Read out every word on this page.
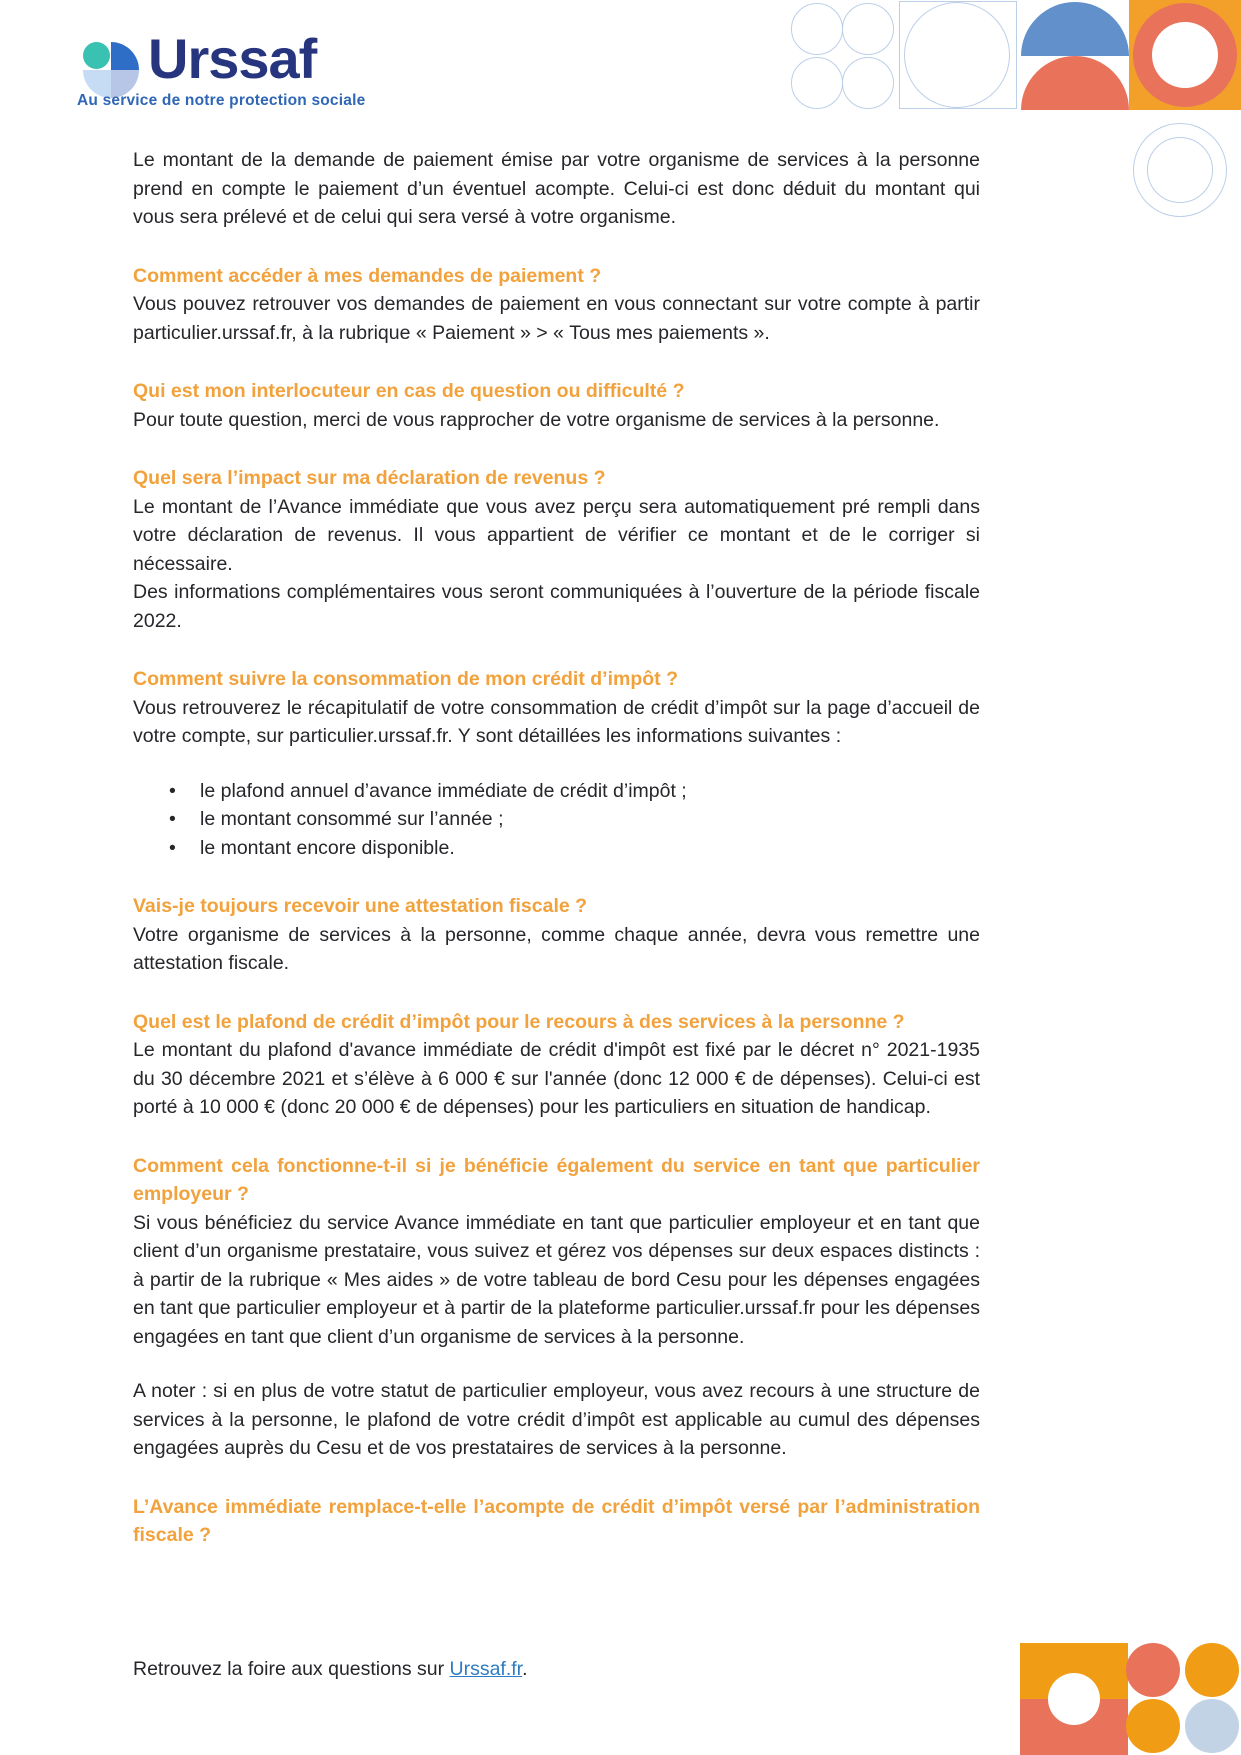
Urssaf
Au service de notre protection sociale
Le montant de la demande de paiement émise par votre organisme de services à la personne prend en compte le paiement d’un éventuel acompte. Celui-ci est donc déduit du montant qui vous sera prélevé et de celui qui sera versé à votre organisme.
Comment accéder à mes demandes de paiement ?
Vous pouvez retrouver vos demandes de paiement en vous connectant sur votre compte à partir particulier.urssaf.fr, à la rubrique « Paiement » > « Tous mes paiements ».
Qui est mon interlocuteur en cas de question ou difficulté ?
Pour toute question, merci de vous rapprocher de votre organisme de services à la personne.
Quel sera l’impact sur ma déclaration de revenus ?
Le montant de l’Avance immédiate que vous avez perçu sera automatiquement pré rempli dans votre déclaration de revenus. Il vous appartient de vérifier ce montant et de le corriger si nécessaire.
Des informations complémentaires vous seront communiquées à l’ouverture de la période fiscale 2022.
Comment suivre la consommation de mon crédit d’impôt ?
Vous retrouverez le récapitulatif de votre consommation de crédit d’impôt sur la page d’accueil de votre compte, sur particulier.urssaf.fr. Y sont détaillées les informations suivantes :
• le plafond annuel d’avance immédiate de crédit d’impôt ;
• le montant consommé sur l’année ;
• le montant encore disponible.
Vais-je toujours recevoir une attestation fiscale ?
Votre organisme de services à la personne, comme chaque année, devra vous remettre une attestation fiscale.
Quel est le plafond de crédit d’impôt pour le recours à des services à la personne ?
Le montant du plafond d'avance immédiate de crédit d'impôt est fixé par le décret n° 2021-1935 du 30 décembre 2021 et s’élève à 6 000 € sur l'année (donc 12 000 € de dépenses). Celui-ci est porté à 10 000 € (donc 20 000 € de dépenses) pour les particuliers en situation de handicap.
Comment cela fonctionne-t-il si je bénéficie également du service en tant que particulier employeur ?
Si vous bénéficiez du service Avance immédiate en tant que particulier employeur et en tant que client d’un organisme prestataire, vous suivez et gérez vos dépenses sur deux espaces distincts : à partir de la rubrique « Mes aides » de votre tableau de bord Cesu pour les dépenses engagées en tant que particulier employeur et à partir de la plateforme particulier.urssaf.fr pour les dépenses engagées en tant que client d’un organisme de services à la personne.
A noter : si en plus de votre statut de particulier employeur, vous avez recours à une structure de services à la personne, le plafond de votre crédit d’impôt est applicable au cumul des dépenses engagées auprès du Cesu et de vos prestataires de services à la personne.
L’Avance immédiate remplace-t-elle l’acompte de crédit d’impôt versé par l’administration fiscale ?
Retrouvez la foire aux questions sur Urssaf.fr.
